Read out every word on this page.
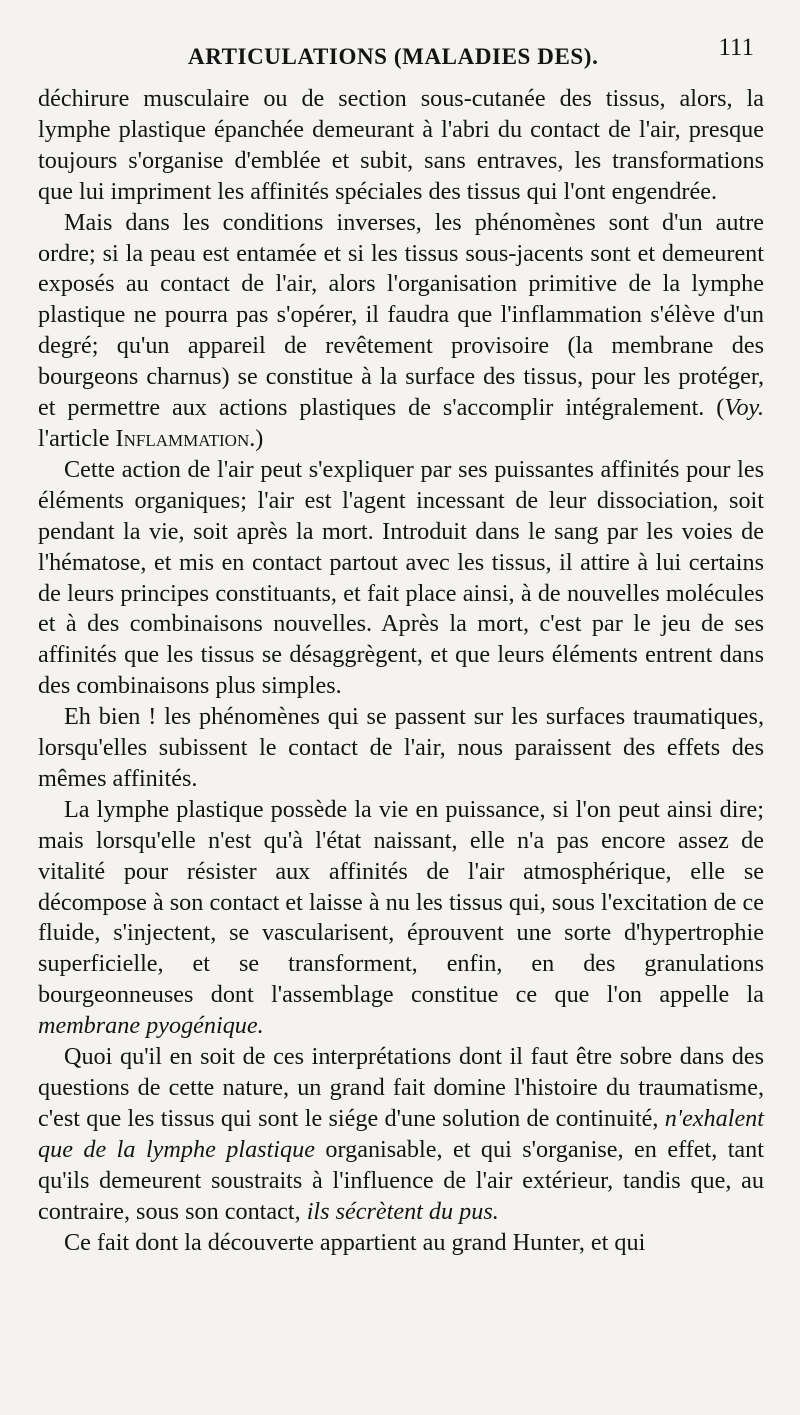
ARTICULATIONS (MALADIES DES).	111

déchirure musculaire ou de section sous-cutanée des tissus, alors, la lymphe plastique épanchée demeurant à l'abri du contact de l'air, presque toujours s'organise d'emblée et subit, sans entraves, les transformations que lui impriment les affinités spéciales des tissus qui l'ont engendrée.

Mais dans les conditions inverses, les phénomènes sont d'un autre ordre; si la peau est entamée et si les tissus sous-jacents sont et demeurent exposés au contact de l'air, alors l'organisation primitive de la lymphe plastique ne pourra pas s'opérer, il faudra que l'inflammation s'élève d'un degré; qu'un appareil de revêtement provisoire (la membrane des bourgeons charnus) se constitue à la surface des tissus, pour les protéger, et permettre aux actions plastiques de s'accomplir intégralement. (Voy. l'article Inflammation.)

Cette action de l'air peut s'expliquer par ses puissantes affinités pour les éléments organiques; l'air est l'agent incessant de leur dissociation, soit pendant la vie, soit après la mort. Introduit dans le sang par les voies de l'hématose, et mis en contact partout avec les tissus, il attire à lui certains de leurs principes constituants, et fait place ainsi, à de nouvelles molécules et à des combinaisons nouvelles. Après la mort, c'est par le jeu de ses affinités que les tissus se désaggrègent, et que leurs éléments entrent dans des combinaisons plus simples.

Eh bien ! les phénomènes qui se passent sur les surfaces traumatiques, lorsqu'elles subissent le contact de l'air, nous paraissent des effets des mêmes affinités.

La lymphe plastique possède la vie en puissance, si l'on peut ainsi dire; mais lorsqu'elle n'est qu'à l'état naissant, elle n'a pas encore assez de vitalité pour résister aux affinités de l'air atmosphérique, elle se décompose à son contact et laisse à nu les tissus qui, sous l'excitation de ce fluide, s'injectent, se vascularisent, éprouvent une sorte d'hypertrophie superficielle, et se transforment, enfin, en des granulations bourgeonneuses dont l'assemblage constitue ce que l'on appelle la membrane pyogénique.

Quoi qu'il en soit de ces interprétations dont il faut être sobre dans des questions de cette nature, un grand fait domine l'histoire du traumatisme, c'est que les tissus qui sont le siége d'une solution de continuité, n'exhalent que de la lymphe plastique organisable, et qui s'organise, en effet, tant qu'ils demeurent soustraits à l'influence de l'air extérieur, tandis que, au contraire, sous son contact, ils sécrètent du pus.

Ce fait dont la découverte appartient au grand Hunter, et qui
